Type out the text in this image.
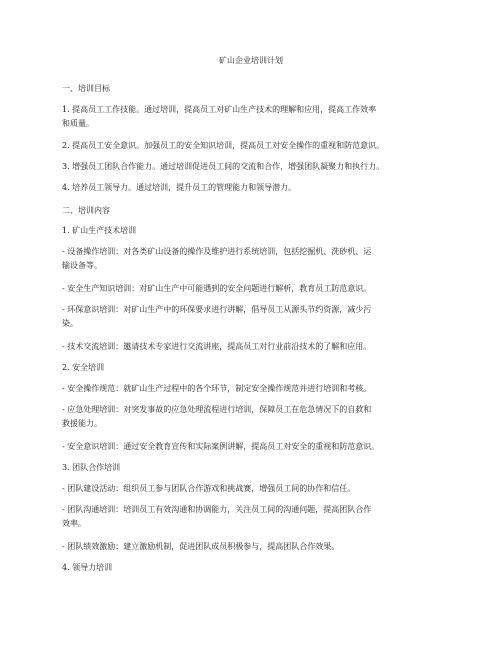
矿山企业培训计划
一、培训目标
1. 提高员工工作技能。通过培训，提高员工对矿山生产技术的理解和应用，提高工作效率
和质量。
2. 提高员工安全意识。加强员工的安全知识培训，提高员工对安全操作的重视和防范意识。
3. 增强员工团队合作能力。通过培训促进员工间的交流和合作，增强团队凝聚力和执行力。
4. 培养员工领导力。通过培训，提升员工的管理能力和领导潜力。
二、培训内容
1. 矿山生产技术培训
- 设备操作培训：对各类矿山设备的操作及维护进行系统培训，包括挖掘机、洗砂机、运
输设备等。
- 安全生产知识培训：对矿山生产中可能遇到的安全问题进行解析，教育员工防范意识。
- 环保意识培训：对矿山生产中的环保要求进行讲解，倡导员工从源头节约资源，减少污
染。
- 技术交流培训：邀请技术专家进行交流讲座，提高员工对行业前沿技术的了解和应用。
2. 安全培训
- 安全操作规范：就矿山生产过程中的各个环节，制定安全操作规范并进行培训和考核。
- 应急处理培训：对突发事故的应急处理流程进行培训，保障员工在危急情况下的自救和
救援能力。
- 安全意识培训：通过安全教育宣传和实际案例讲解，提高员工对安全的重视和防范意识。
3. 团队合作培训
- 团队建设活动：组织员工参与团队合作游戏和挑战赛，增强员工间的协作和信任。
- 团队沟通培训：培训员工有效沟通和协调能力，关注员工间的沟通问题，提高团队合作
效率。
- 团队绩效激励：建立激励机制，促进团队成员积极参与，提高团队合作效果。
4. 领导力培训
